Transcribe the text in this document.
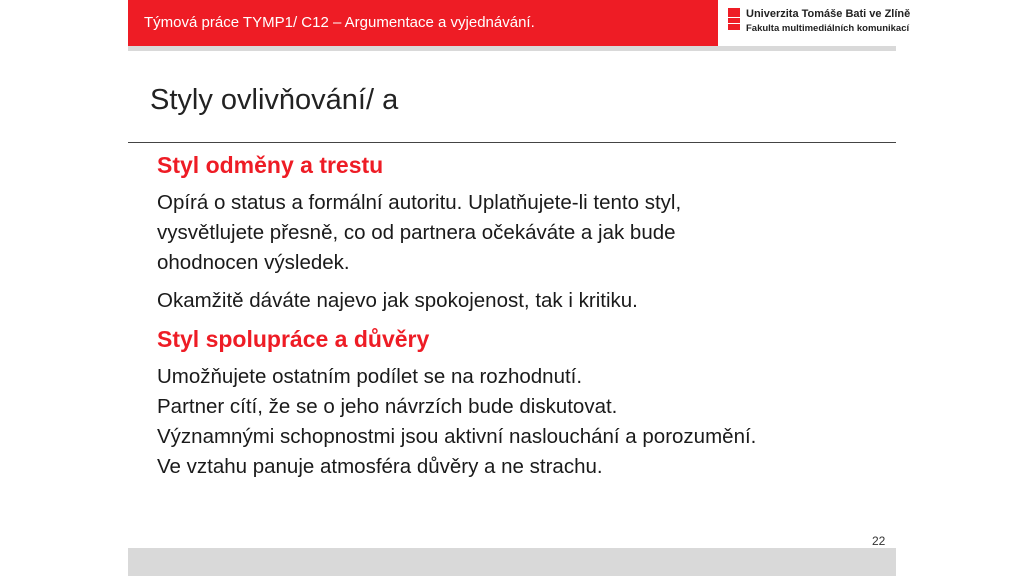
Týmová práce TYMP1/ C12 – Argumentace a vyjednávání.	Univerzita Tomáše Bati ve Zlíně
Fakulta multimediálních komunikací
Styly ovlivňování/ a
Styl odměny a trestu
Opírá o status a formální autoritu. Uplatňujete-li tento styl,
vysvětlujete přesně, co od partnera očekáváte a jak bude
ohodnocen výsledek.
Okamžitě dáváte najevo jak spokojenost, tak i kritiku.
Styl spolupráce a důvěry
Umožňujete ostatním podílet se na rozhodnutí.
Partner cítí, že se o jeho návrzích bude diskutovat.
Významnými schopnostmi jsou aktivní naslouchání a porozumění.
Ve vztahu panuje atmosféra důvěry a ne strachu.
22
